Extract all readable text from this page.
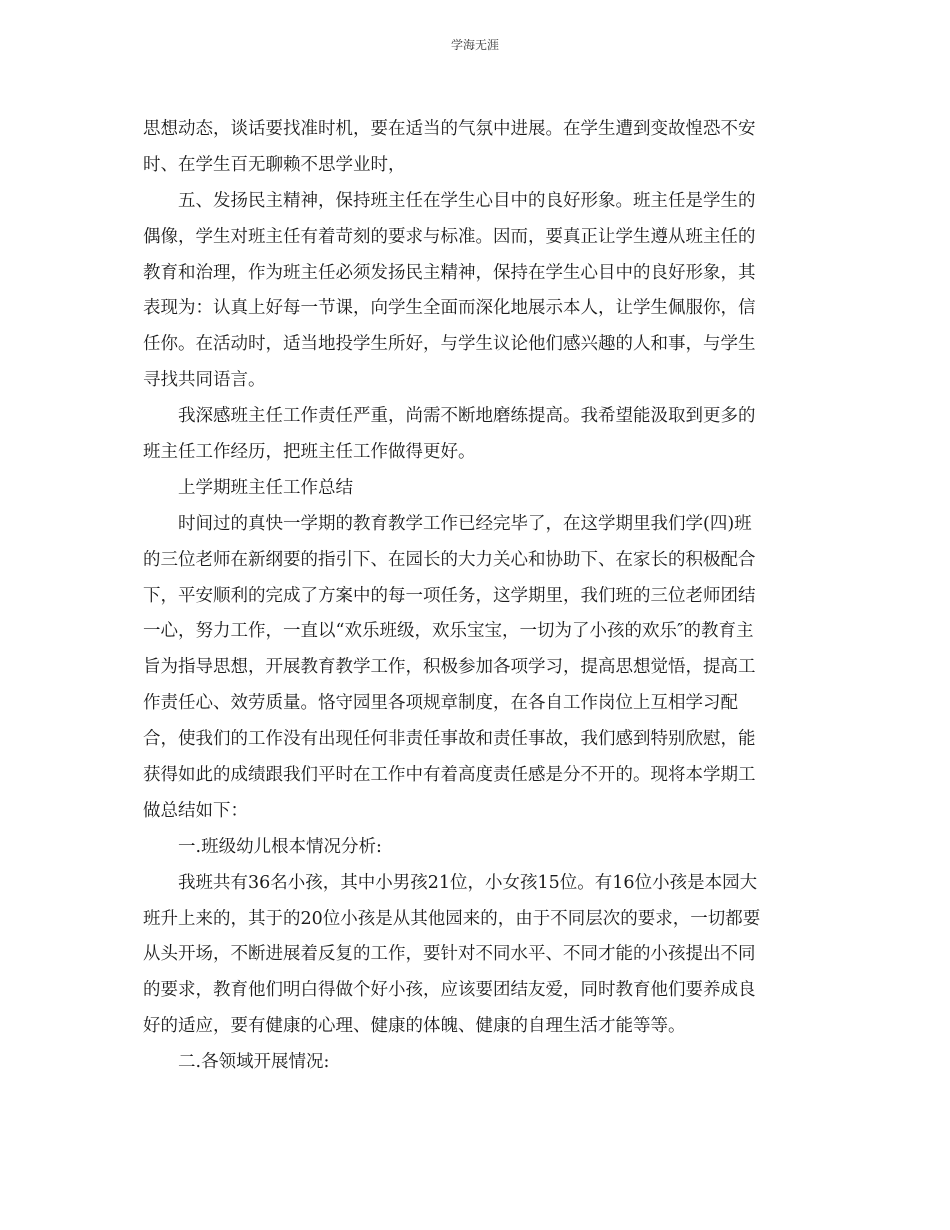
学海无涯
思想动态，谈话要找准时机，要在适当的气氛中进展。在学生遭到变故惶恐不安
时、在学生百无聊赖不思学业时，
五、发扬民主精神，保持班主任在学生心目中的良好形象。班主任是学生的
偶像，学生对班主任有着苛刻的要求与标准。因而，要真正让学生遵从班主任的
教育和治理，作为班主任必须发扬民主精神，保持在学生心目中的良好形象，其
表现为：认真上好每一节课，向学生全面而深化地展示本人，让学生佩服你，信
任你。在活动时，适当地投学生所好，与学生议论他们感兴趣的人和事，与学生
寻找共同语言。
我深感班主任工作责任严重，尚需不断地磨练提高。我希望能汲取到更多的
班主任工作经历，把班主任工作做得更好。
上学期班主任工作总结
时间过的真快一学期的教育教学工作已经完毕了，在这学期里我们学(四)班
的三位老师在新纲要的指引下、在园长的大力关心和协助下、在家长的积极配合
下，平安顺利的完成了方案中的每一项任务，这学期里，我们班的三位老师团结
一心，努力工作，一直以“欢乐班级，欢乐宝宝，一切为了小孩的欢乐″的教育主
旨为指导思想，开展教育教学工作，积极参加各项学习，提高思想觉悟，提高工
作责任心、效劳质量。恪守园里各项规章制度，在各自工作岗位上互相学习配
合，使我们的工作没有出现任何非责任事故和责任事故，我们感到特别欣慰，能
获得如此的成绩跟我们平时在工作中有着高度责任感是分不开的。现将本学期工
做总结如下：
一.班级幼儿根本情况分析:
我班共有36名小孩，其中小男孩21位，小女孩15位。有16位小孩是本园大
班升上来的，其于的20位小孩是从其他园来的，由于不同层次的要求，一切都要
从头开场，不断进展着反复的工作，要针对不同水平、不同才能的小孩提出不同
的要求，教育他们明白得做个好小孩，应该要团结友爱，同时教育他们要养成良
好的适应，要有健康的心理、健康的体魄、健康的自理生活才能等等。
二.各领域开展情况:
